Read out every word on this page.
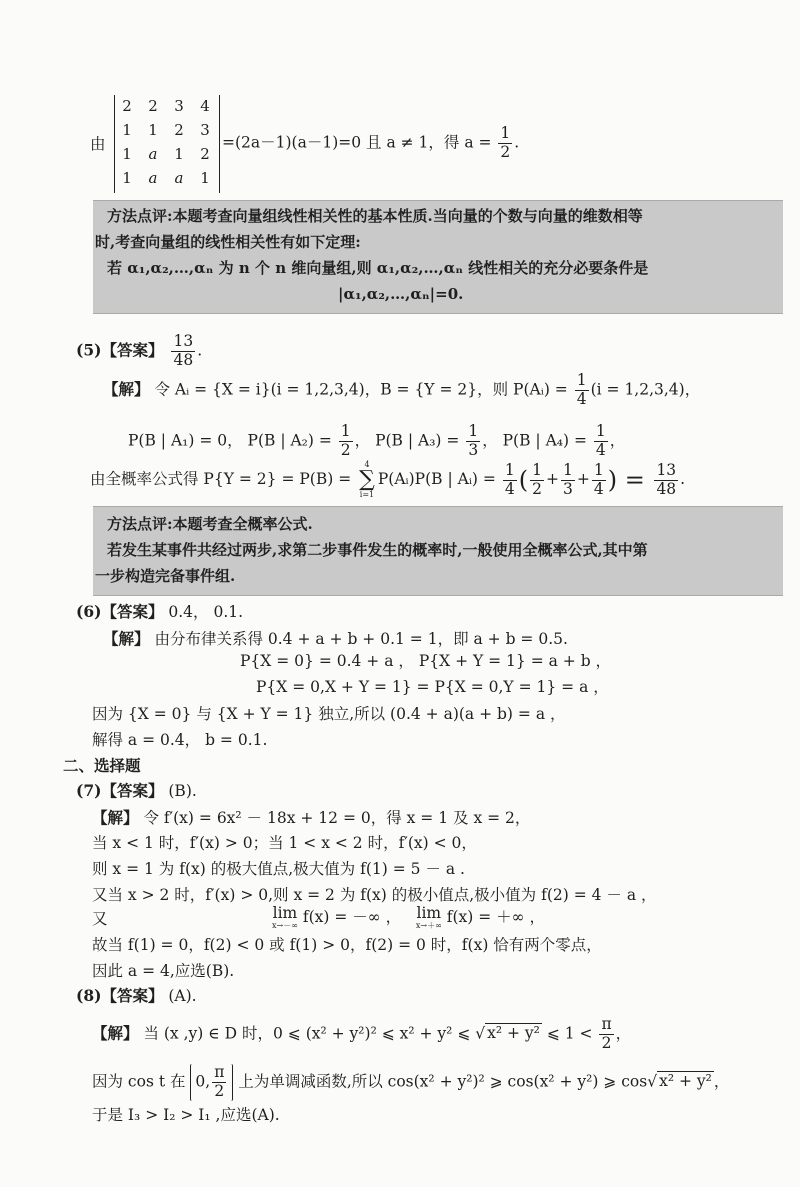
由
2	2	3	4
1	1	2	3
1	a	1	2
1	a	a	1
=(2a－1)(a－1)=0 且 a ≠ 1，得 $a = \frac{1}{2}$ .
方法点评:本题考查向量组线性相关性的基本性质.当向量的个数与向量的维数相等
时,考查向量组的线性相关性有如下定理:
若 α₁,α₂,…,αₙ 为 n 个 n 维向量组,则 α₁,α₂,…,αₙ 线性相关的充分必要条件是
|α₁,α₂,…,αₙ|=0.
(5)【答案】 $\frac{13}{48}$ .
【解】 令 Aᵢ = {X = i}(i = 1,2,3,4)，B = {Y = 2}，则 P(Aᵢ) = $\frac{1}{4} (i = 1,2,3,4)$，
P(B | A₁) = 0， P(B | $A_2) = \frac{1}{2}$ ， P(B | $A_3) = \frac{1}{3}$ ， P(B | $A_4) = \frac{1}{4}$ ，
由全概率公式得 P{Y = 2} = P(B) =
4
∑
i=1
P(Aᵢ)P(B | Aᵢ) = $\frac{1}{4}$ ( $\frac{1}{2} + \frac{1}{3} + \frac{1}{4}$ ) = $\frac{13}{48}$ .
方法点评:本题考查全概率公式.
若发生某事件共经过两步,求第二步事件发生的概率时,一般使用全概率公式,其中第
一步构造完备事件组.
(6)【答案】 0.4， 0.1.
【解】 由分布律关系得 0.4 + a + b + 0.1 = 1，即 a + b = 0.5.
P{X = 0} = 0.4 + a ， P{X + Y = 1} = a + b ，
P{X = 0,X + Y = 1} = P{X = 0,Y = 1} = a ，
因为 {X = 0} 与 {X + Y = 1} 独立,所以 (0.4 + a)(a + b) = a ，
解得 a = 0.4， b = 0.1.
二、选择题
(7)【答案】 (B).
【解】 令 f′(x) = 6x² － 18x + 12 = 0，得 x = 1 及 x = 2，
当 x < 1 时，f′(x) > 0；当 1 < x < 2 时，f′(x) < 0，
则 x = 1 为 f(x) 的极大值点,极大值为 f(1) = 5 － a .
又当 x > 2 时，f′(x) > 0,则 x = 2 为 f(x) 的极小值点,极小值为 f(2) = 4 － a ，
又	lim
x→－∞ f(x) = －∞ ， lim
x→＋∞ f(x) = ＋∞ ，
故当 f(1) = 0，f(2) < 0 或 f(1) > 0，f(2) = 0 时，f(x) 恰有两个零点，
因此 a = 4,应选(B).
(8)【答案】 (A).
【解】 当 (x ,y) ∈ D 时，0 ⩽ (x² + y²)² ⩽ x² + y² ⩽ √ x² + y² ⩽ $1 < \frac{\pi}{2}$ ，
因为 cos t 在 0, $\frac{\pi}{2}$ 上为单调减函数,所以 cos(x² + y²)² ⩾ cos(x² + y²) ⩾ cos√ x² + y² ，
于是 I₃ > I₂ > I₁ ,应选(A).
